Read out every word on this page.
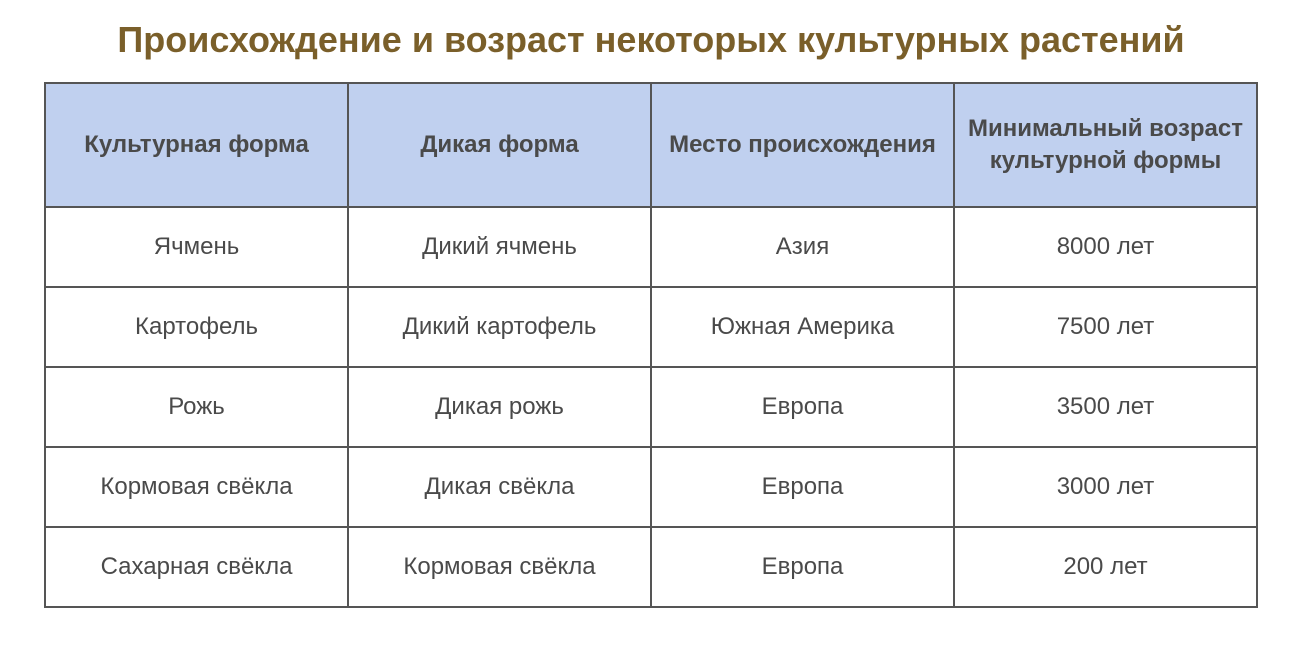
Происхождение и возраст некоторых культурных растений
Культурная форма	Дикая форма	Место происхождения	Минимальный возраст культурной формы
Ячмень	Дикий ячмень	Азия	8000 лет
Картофель	Дикий картофель	Южная Америка	7500 лет
Рожь	Дикая рожь	Европа	3500 лет
Кормовая свёкла	Дикая свёкла	Европа	3000 лет
Сахарная свёкла	Кормовая свёкла	Европа	200 лет
